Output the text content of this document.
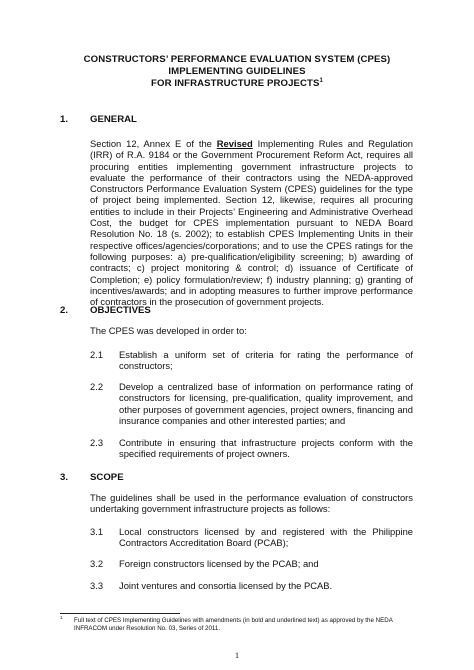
CONSTRUCTORS’ PERFORMANCE EVALUATION SYSTEM (CPES)
IMPLEMENTING GUIDELINES
FOR INFRASTRUCTURE PROJECTS$^1$
1. GENERAL
Section 12, Annex E of the Revised Implementing Rules and Regulation (IRR) of R.A. 9184 or the Government Procurement Reform Act, requires all procuring entities implementing government infrastructure projects to evaluate the performance of their contractors using the NEDA-approved Constructors Performance Evaluation System (CPES) guidelines for the type of project being implemented. Section 12, likewise, requires all procuring entities to include in their Projects’ Engineering and Administrative Overhead Cost, the budget for CPES implementation pursuant to NEDA Board Resolution No. 18 (s. 2002); to establish CPES Implementing Units in their respective offices/agencies/corporations; and to use the CPES ratings for the following purposes: a) pre-qualification/eligibility screening; b) awarding of contracts; c) project monitoring & control; d) issuance of Certificate of Completion; e) policy formulation/review; f) industry planning; g) granting of incentives/awards; and in adopting measures to further improve performance of contractors in the prosecution of government projects.
2. OBJECTIVES
The CPES was developed in order to:
2.1 Establish a uniform set of criteria for rating the performance of constructors;
2.2 Develop a centralized base of information on performance rating of constructors for licensing, pre-qualification, quality improvement, and other purposes of government agencies, project owners, financing and insurance companies and other interested parties; and
2.3 Contribute in ensuring that infrastructure projects conform with the specified requirements of project owners.
3. SCOPE
The guidelines shall be used in the performance evaluation of constructors undertaking government infrastructure projects as follows:
3.1 Local constructors licensed by and registered with the Philippine Contractors Accreditation Board (PCAB);
3.2 Foreign constructors licensed by the PCAB; and
3.3 Joint ventures and consortia licensed by the PCAB.
$^1$ Full text of CPES Implementing Guidelines with amendments (in bold and underlined text) as approved by the NEDA INFRACOM under Resolution No. 03, Series of 2011.
1
